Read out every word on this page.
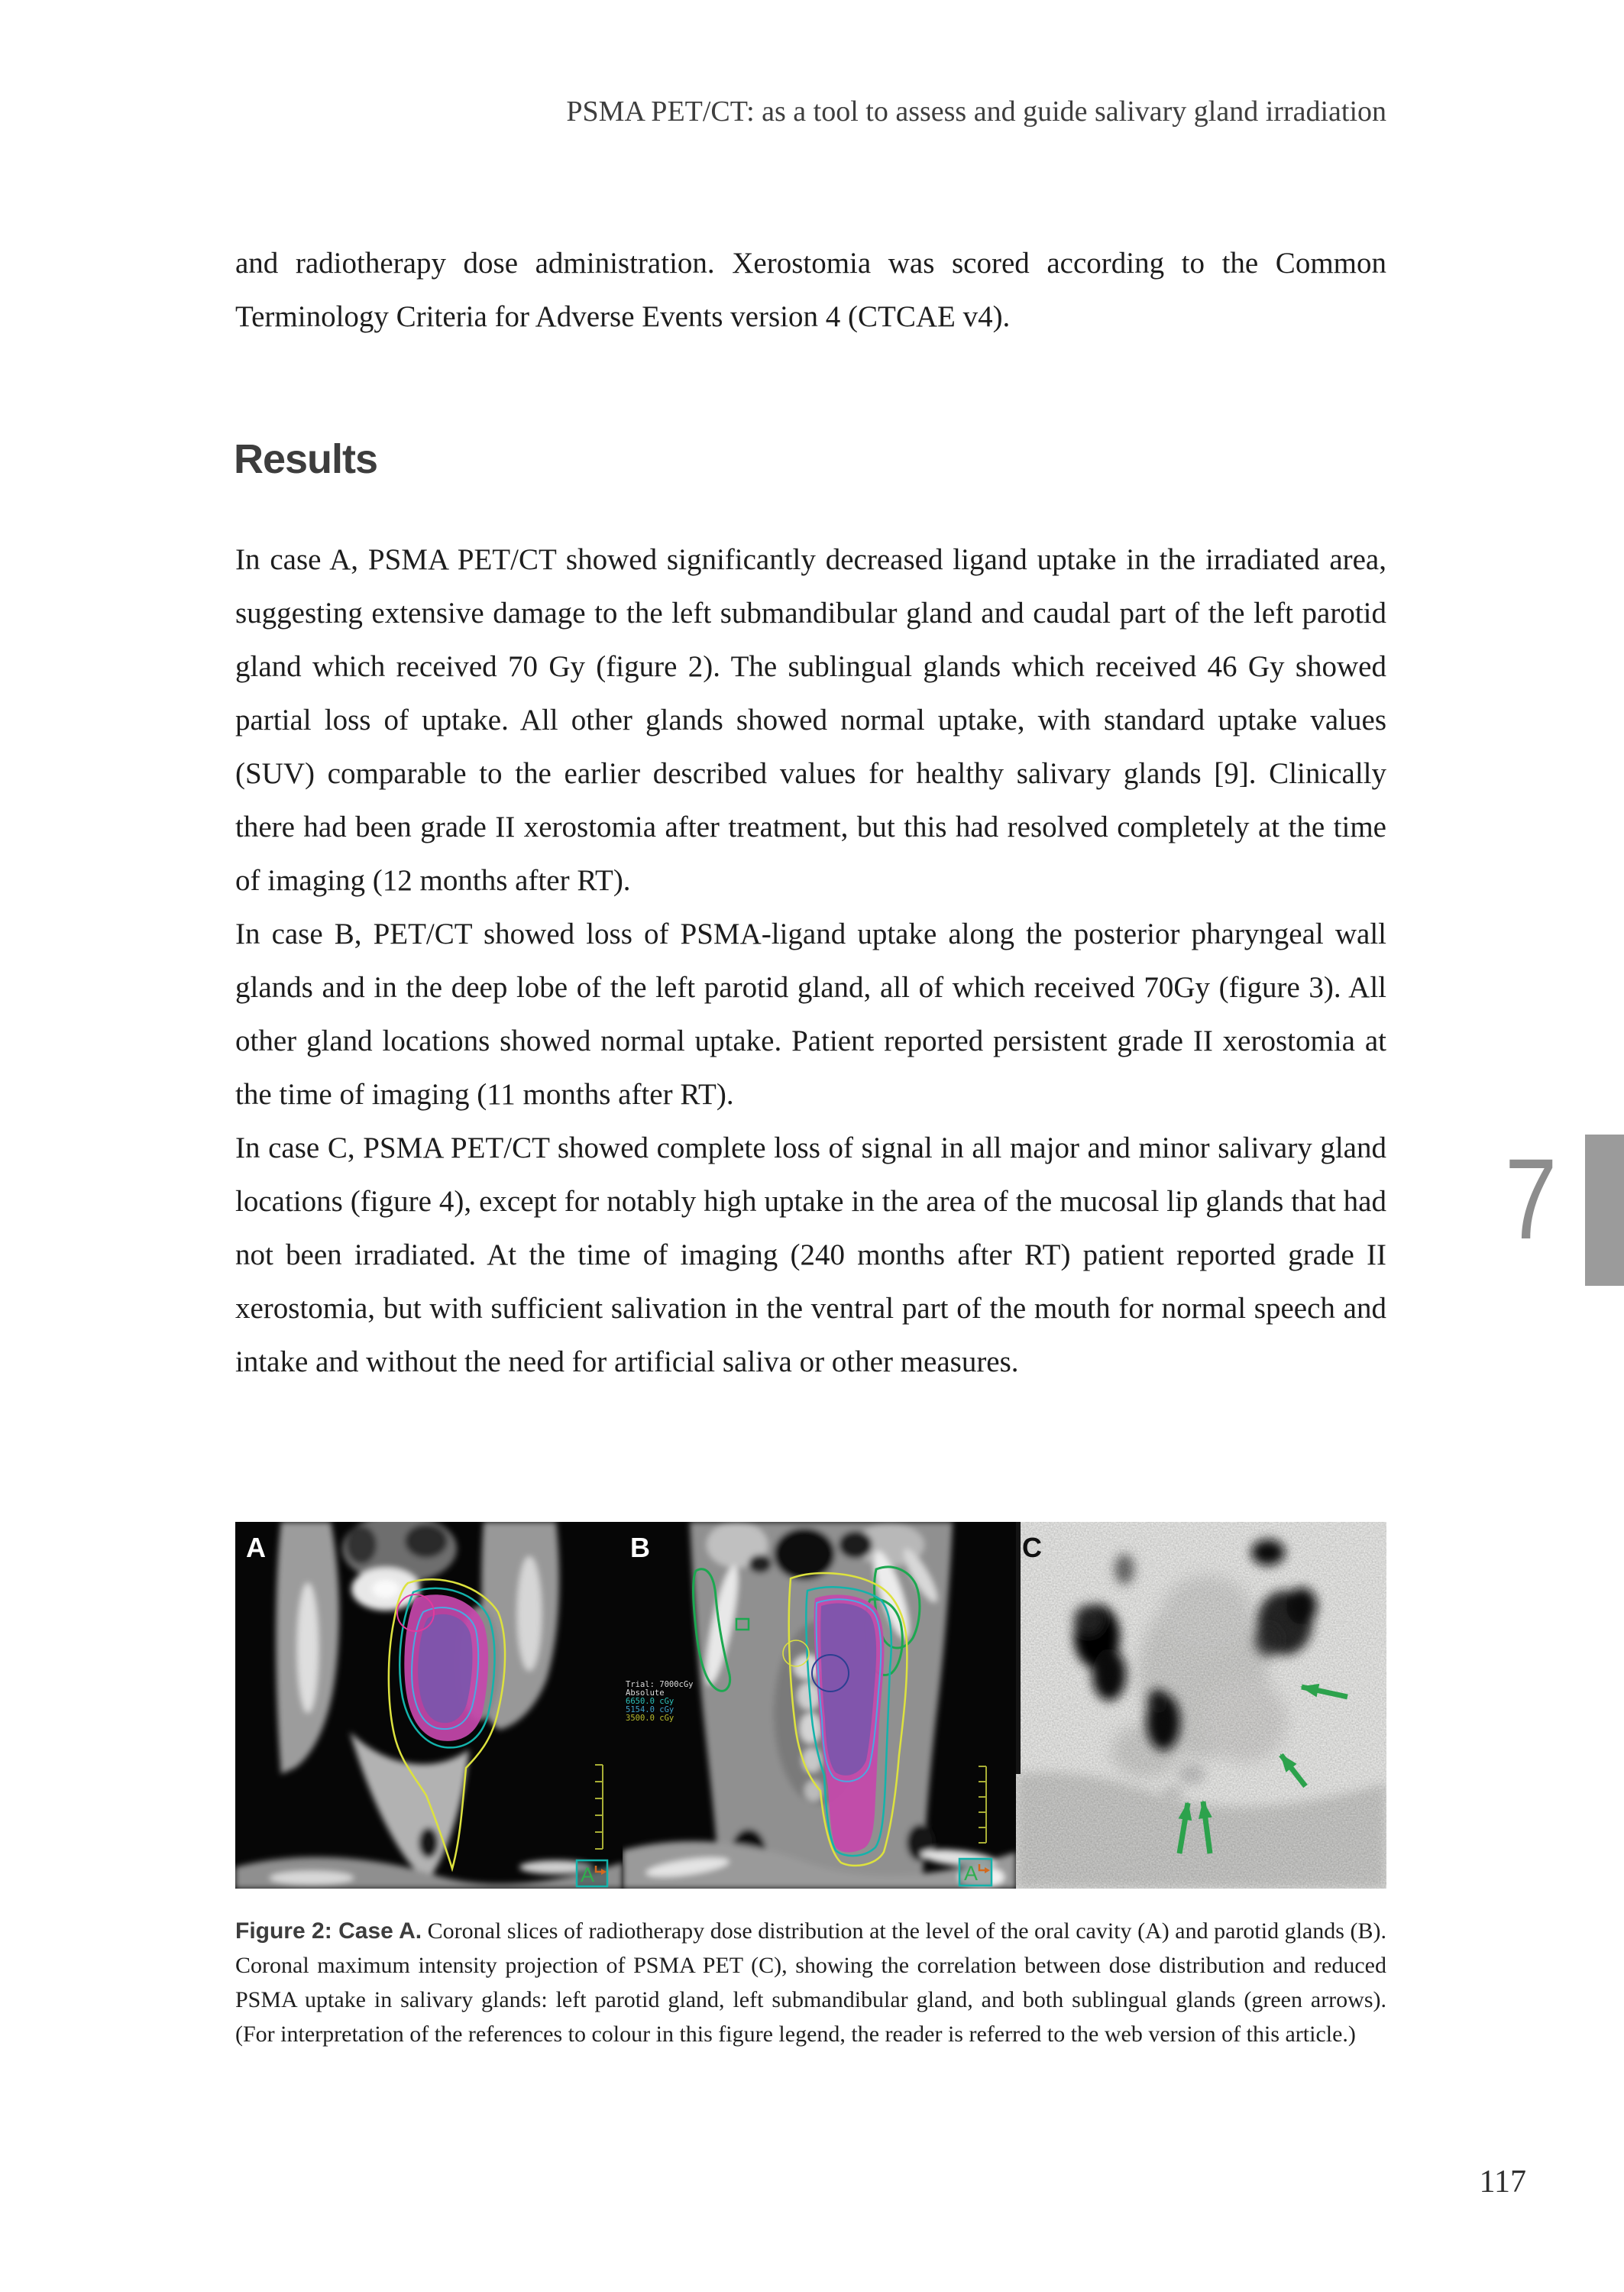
PSMA PET/CT: as a tool to assess and guide salivary gland irradiation

and radiotherapy dose administration. Xerostomia was scored according to the Common Terminology Criteria for Adverse Events version 4 (CTCAE v4).

Results

In case A, PSMA PET/CT showed significantly decreased ligand uptake in the irradiated area, suggesting extensive damage to the left submandibular gland and caudal part of the left parotid gland which received 70 Gy (figure 2). The sublingual glands which received 46 Gy showed partial loss of uptake. All other glands showed normal uptake, with standard uptake values (SUV) comparable to the earlier described values for healthy salivary glands [9]. Clinically there had been grade II xerostomia after treatment, but this had resolved completely at the time of imaging (12 months after RT).

In case B, PET/CT showed loss of PSMA-ligand uptake along the posterior pharyngeal wall glands and in the deep lobe of the left parotid gland, all of which received 70Gy (figure 3). All other gland locations showed normal uptake. Patient reported persistent grade II xerostomia at the time of imaging (11 months after RT).

In case C, PSMA PET/CT showed complete loss of signal in all major and minor salivary gland locations (figure 4), except for notably high uptake in the area of the mucosal lip glands that had not been irradiated. At the time of imaging (240 months after RT) patient reported grade II xerostomia, but with sufficient salivation in the ventral part of the mouth for normal speech and intake and without the need for artificial saliva or other measures.

A
A
Trial: 7000cGy Absolute 6650.0 cGy 5154.0 cGy 3500.0 cGy
A
B	C

Figure 2: Case A. Coronal slices of radiotherapy dose distribution at the level of the oral cavity (A) and parotid glands (B). Coronal maximum intensity projection of PSMA PET (C), showing the correlation between dose distribution and reduced PSMA uptake in salivary glands: left parotid gland, left submandibular gland, and both sublingual glands (green arrows). (For interpretation of the references to colour in this figure legend, the reader is referred to the web version of this article.)

7

117
